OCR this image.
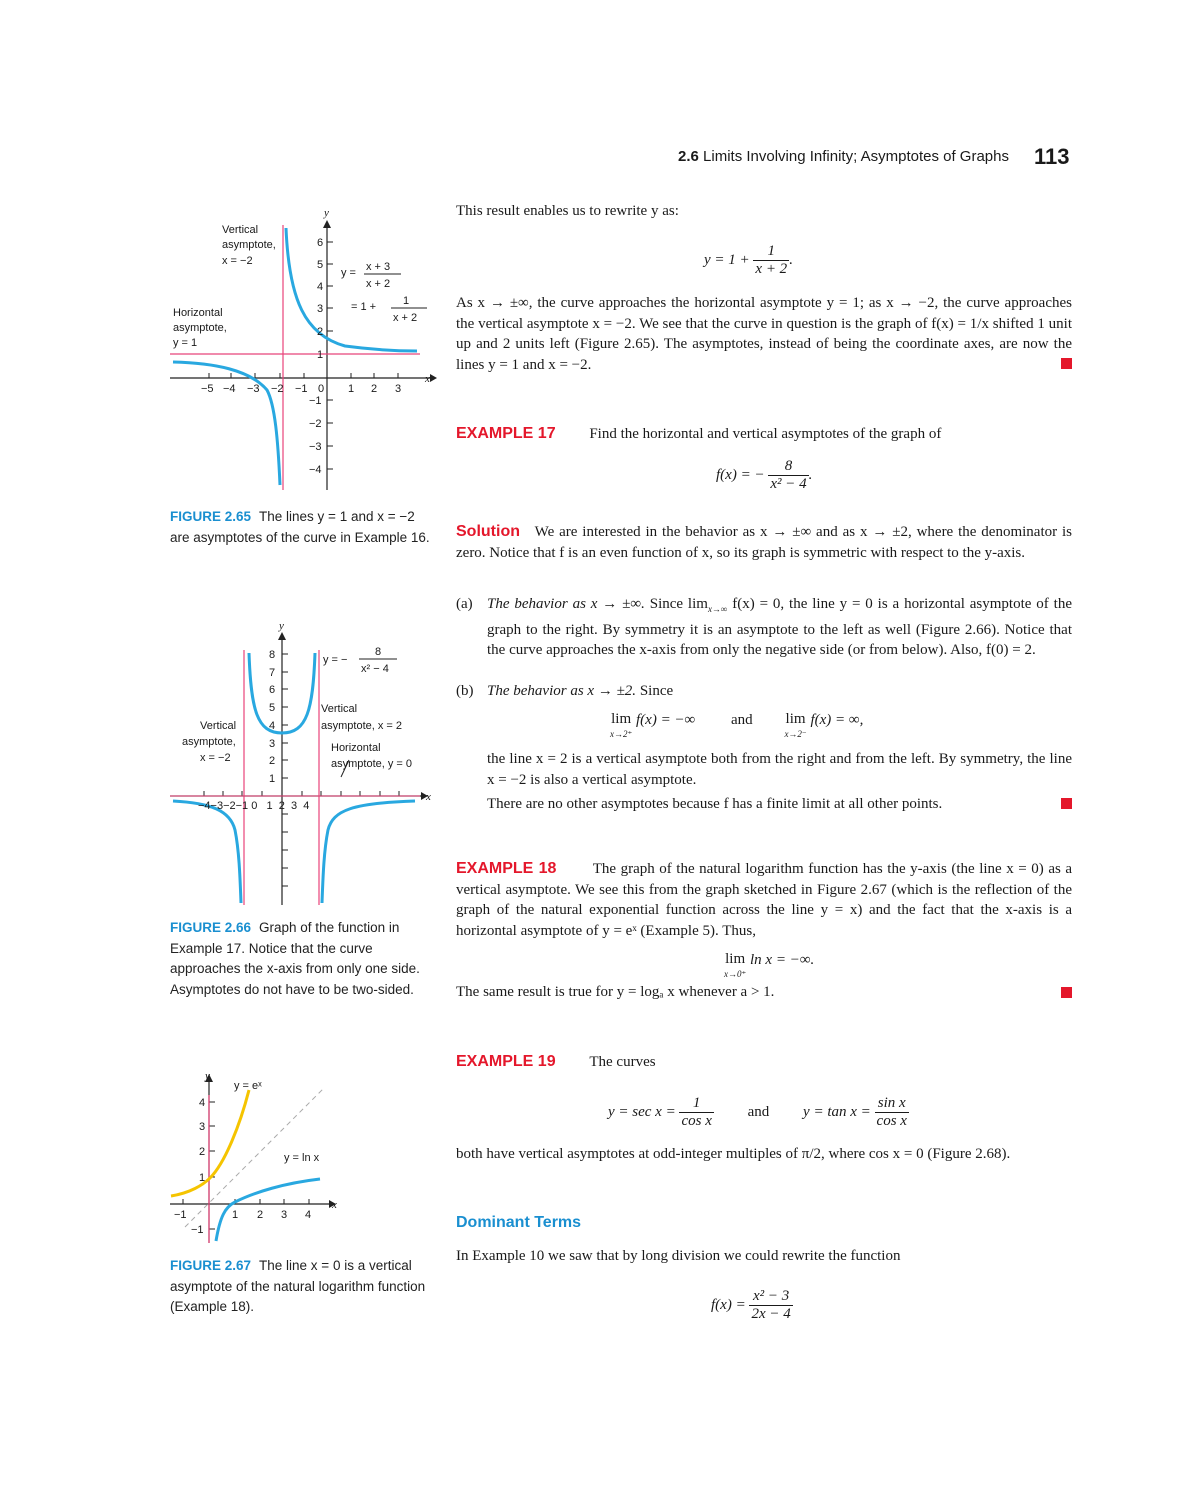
2.6 Limits Involving Infinity; Asymptotes of Graphs 113
−5 −4 −3 −2 −1 0 1 2 3
1
2
3
4
5
6
−1
−2
−3
−4
x
y
Vertical
asymptote,
x = −2
Horizontal
asymptote,
y = 1
y = x + 3
x + 2
= 1 + 1
x + 2
FIGURE 2.65 The lines y = 1 and x = −2 are asymptotes of the curve in Example 16.
−4−3−2−1 0   1  2  3  4
1
2
3
4
5
6
7
8
x
y
y = −
8
x² − 4
Vertical
asymptote, x = 2
Vertical
asymptote,
x = −2
Horizontal
asymptote, y = 0
FIGURE 2.66 Graph of the function in Example 17. Notice that the curve approaches the x-axis from only one side. Asymptotes do not have to be two-sided.
−1	1 2 3 4
1
2
3
4
−1
x
y
y = eˣ
y = ln x
FIGURE 2.67 The line x = 0 is a vertical asymptote of the natural logarithm function (Example 18).
This result enables us to rewrite y as:
$y = 1 + \frac{1}{x + 2}$ .
As x → ±∞, the curve approaches the horizontal asymptote y = 1; as x → −2, the curve approaches the vertical asymptote x = −2. We see that the curve in question is the graph of f(x) = 1/x shifted 1 unit up and 2 units left (Figure 2.65). The asymptotes, instead of being the coordinate axes, are now the lines y = 1 and x = −2.
EXAMPLE 17 Find the horizontal and vertical asymptotes of the graph of
f(x) = − $\frac{8}{\text{x² − 4}}$ .
Solution We are interested in the behavior as x → ±∞ and as x → ±2, where the denominator is zero. Notice that f is an even function of x, so its graph is symmetric with respect to the y-axis.
(a) The behavior as x → ±∞. Since $\lim_{x\to\infty} f(x) = 0$, the line y = 0 is a horizontal asymptote of the graph to the right. By symmetry it is an asymptote to the left as well (Figure 2.66). Notice that the curve approaches the x-axis from only the negative side (or from below). Also, f(0) = 2.
(b) The behavior as x → ±2. Since
lim
x→2⁺ f(x) = −∞ and lim
x→2⁻ f(x) = ∞,
the line x = 2 is a vertical asymptote both from the right and from the left. By symmetry, the line x = −2 is also a vertical asymptote.
There are no other asymptotes because f has a finite limit at all other points.
EXAMPLE 18 The graph of the natural logarithm function has the y-axis (the line x = 0) as a vertical asymptote. We see this from the graph sketched in Figure 2.67 (which is the reflection of the graph of the natural exponential function across the line y = x) and the fact that the x-axis is a horizontal asymptote of y = eˣ (Example 5). Thus,
lim
x→0⁺ ln x = −∞.
The same result is true for y = logₐ x whenever a > 1.
EXAMPLE 19 The curves
$y = \sec x = \frac{1}{\text{cos x}}$ and $y = \tan x = \frac{\text{sin x}}{\text{cos x}}$
both have vertical asymptotes at odd-integer multiples of π/2, where cos x = 0 (Figure 2.68).
Dominant Terms
In Example 10 we saw that by long division we could rewrite the function
$f(x) = \frac{\text{x² − 3}}{2x - 4}$
